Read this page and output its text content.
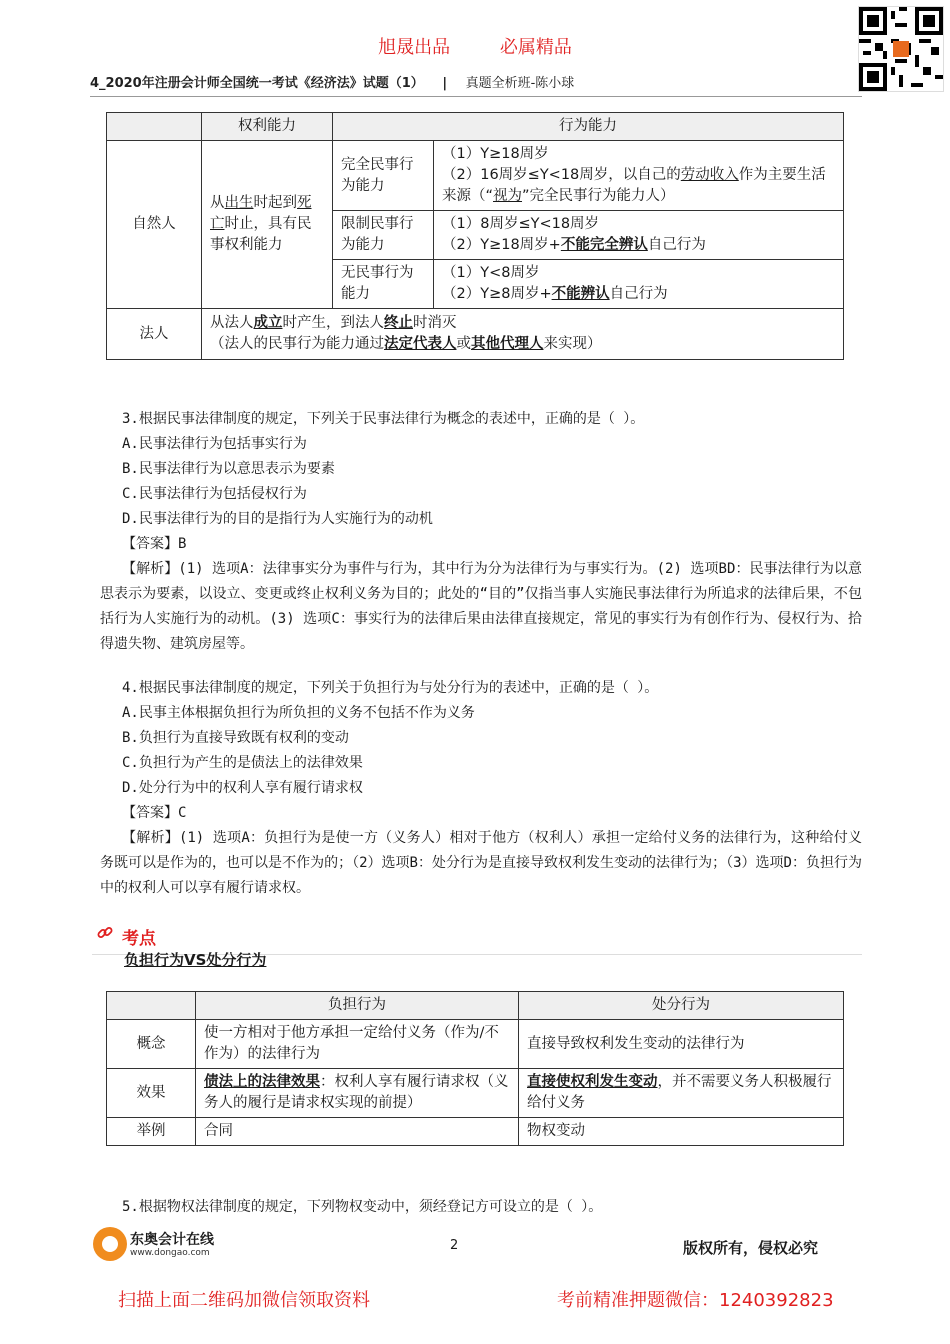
旭晟出品	必属精品
4_2020年注册会计师全国统一考试《经济法》试题（1） | 真题全析班-陈小球
	权利能力	行为能力	
自然人	从出生时起到死亡时止，具有民事权利能力	完全民事行为能力	（1）Y≥18周岁
（2）16周岁≤Y<18周岁，以自己的劳动收入作为主要生活来源（“视为”完全民事行为能力人）

		限制民事行为能力	（1）8周岁≤Y<18周岁
（2）Y≥18周岁+不能完全辨认自己行为

		无民事行为能力	（1）Y<8周岁
（2）Y≥8周岁+不能辨认自己行为

法人	从法人成立时产生，到法人终止时消灭
（法人的民事行为能力通过法定代表人或其他代理人来实现）		
3.根据民事法律制度的规定，下列关于民事法律行为概念的表述中，正确的是（ ）。
A.民事法律行为包括事实行为
B.民事法律行为以意思表示为要素
C.民事法律行为包括侵权行为
D.民事法律行为的目的是指行为人实施行为的动机
【答案】B
【解析】(1) 选项A：法律事实分为事件与行为，其中行为分为法律行为与事实行为。(2) 选项BD：民事法律行为以意思表示为要素，以设立、变更或终止权利义务为目的；此处的“目的”仅指当事人实施民事法律行为所追求的法律后果，不包括行为人实施行为的动机。(3) 选项C：事实行为的法律后果由法律直接规定，常见的事实行为有创作行为、侵权行为、拾得遗失物、建筑房屋等。
4.根据民事法律制度的规定，下列关于负担行为与处分行为的表述中，正确的是（ ）。
A.民事主体根据负担行为所负担的义务不包括不作为义务
B.负担行为直接导致既有权利的变动
C.负担行为产生的是债法上的法律效果
D.处分行为中的权利人享有履行请求权
【答案】C
【解析】(1) 选项A：负担行为是使一方（义务人）相对于他方（权利人）承担一定给付义务的法律行为，这种给付义务既可以是作为的，也可以是不作为的；（2）选项B：处分行为是直接导致权利发生变动的法律行为；（3）选项D：负担行为中的权利人可以享有履行请求权。
考点
负担行为VS处分行为
	负担行为	处分行为
概念	使一方相对于他方承担一定给付义务（作为/不作为）的法律行为	直接导致权利发生变动的法律行为
效果	债法上的法律效果：权利人享有履行请求权（义务人的履行是请求权实现的前提）	直接使权利发生变动，并不需要义务人积极履行给付义务
举例	合同	物权变动
5.根据物权法律制度的规定，下列物权变动中，须经登记方可设立的是（ ）。
东奥会计在线
www.dongao.com	2	版权所有，侵权必究
扫描上面二维码加微信领取资料	考前精准押题微信：1240392823
